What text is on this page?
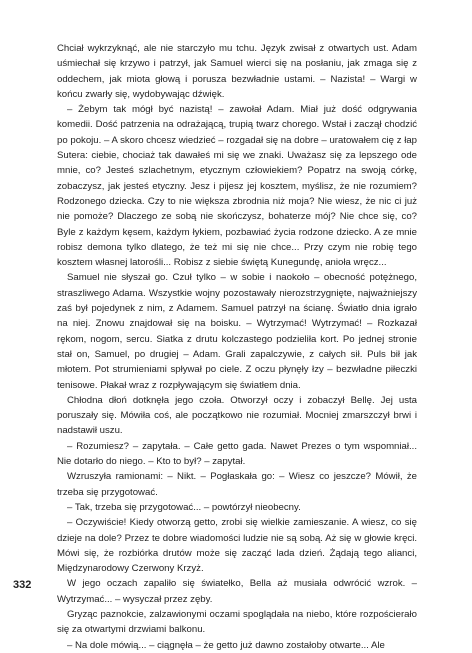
332

Chciał wykrzyknąć, ale nie starczyło mu tchu. Język zwisał z otwartych ust. Adam uśmiechał się krzywo i patrzył, jak Samuel wierci się na posłaniu, jak zmaga się z oddechem, jak miota głową i porusza bezwładnie ustami. – Nazista! – Wargi w końcu zwarły się, wydobywając dźwięk.

– Żebym tak mógł być nazistą! – zawołał Adam. Miał już dość odgrywania komedii. Dość patrzenia na odrażającą, trupią twarz chorego. Wstał i zaczął chodzić po pokoju. – A skoro chcesz wiedzieć – rozgadał się na dobre – uratowałem cię z łap Sutera: ciebie, chociaż tak dawałeś mi się we znaki. Uważasz się za lepszego ode mnie, co? Jesteś szlachetnym, etycznym człowiekiem? Popatrz na swoją córkę, zobaczysz, jak jesteś etyczny. Jesz i pijesz jej kosztem, myślisz, że nie rozumiem? Rodzonego dziecka. Czy to nie większa zbrodnia niż moja? Nie wiesz, że nic ci już nie pomoże? Dlaczego ze sobą nie skończysz, bohaterze mój? Nie chce się, co? Byle z każdym kęsem, każdym łykiem, pozbawiać życia rodzone dziecko. A ze mnie robisz demona tylko dlatego, że też mi się nie chce... Przy czym nie robię tego kosztem własnej latorośli... Robisz z siebie świętą Kunegundę, anioła wręcz...

Samuel nie słyszał go. Czuł tylko – w sobie i naokoło – obecność potężnego, straszliwego Adama. Wszystkie wojny pozostawały nierozstrzygnięte, najważniejszy zaś był pojedynek z nim, z Adamem. Samuel patrzył na ścianę. Światło dnia igrało na niej. Znowu znajdował się na boisku. – Wytrzymać! Wytrzymać! – Rozkazał rękom, nogom, sercu. Siatka z drutu kolczastego podzieliła kort. Po jednej stronie stał on, Samuel, po drugiej – Adam. Grali zapalczywie, z całych sił. Puls bił jak młotem. Pot strumieniami spływał po ciele. Z oczu płynęły łzy – bezwładne piłeczki tenisowe. Płakał wraz z rozpływającym się światłem dnia.

Chłodna dłoń dotknęła jego czoła. Otworzył oczy i zobaczył Bellę. Jej usta poruszały się. Mówiła coś, ale początkowo nie rozumiał. Mocniej zmarszczył brwi i nadstawił uszu.

– Rozumiesz? – zapytała. – Całe getto gada. Nawet Prezes o tym wspomniał... Nie dotarło do niego. – Kto to był? – zapytał.

Wzruszyła ramionami: – Nikt. – Pogłaskała go: – Wiesz co jeszcze? Mówił, że trzeba się przygotować.

– Tak, trzeba się przygotować... – powtórzył nieobecny.

– Oczywiście! Kiedy otworzą getto, zrobi się wielkie zamieszanie. A wiesz, co się dzieje na dole? Przez te dobre wiadomości ludzie nie są sobą. Aż się w głowie kręci. Mówi się, że rozbiórka drutów może się zacząć lada dzień. Żądają tego alianci, Międzynarodowy Czerwony Krzyż.

W jego oczach zapaliło się światełko, Bella aż musiała odwrócić wzrok. – Wytrzymać... – wysyczał przez zęby.

Gryząc paznokcie, zalzawionymi oczami spoglądała na niebo, które rozpościerało się za otwartymi drzwiami balkonu.

– Na dole mówią... – ciągnęła – że getto już dawno zostałoby otwarte... Ale
